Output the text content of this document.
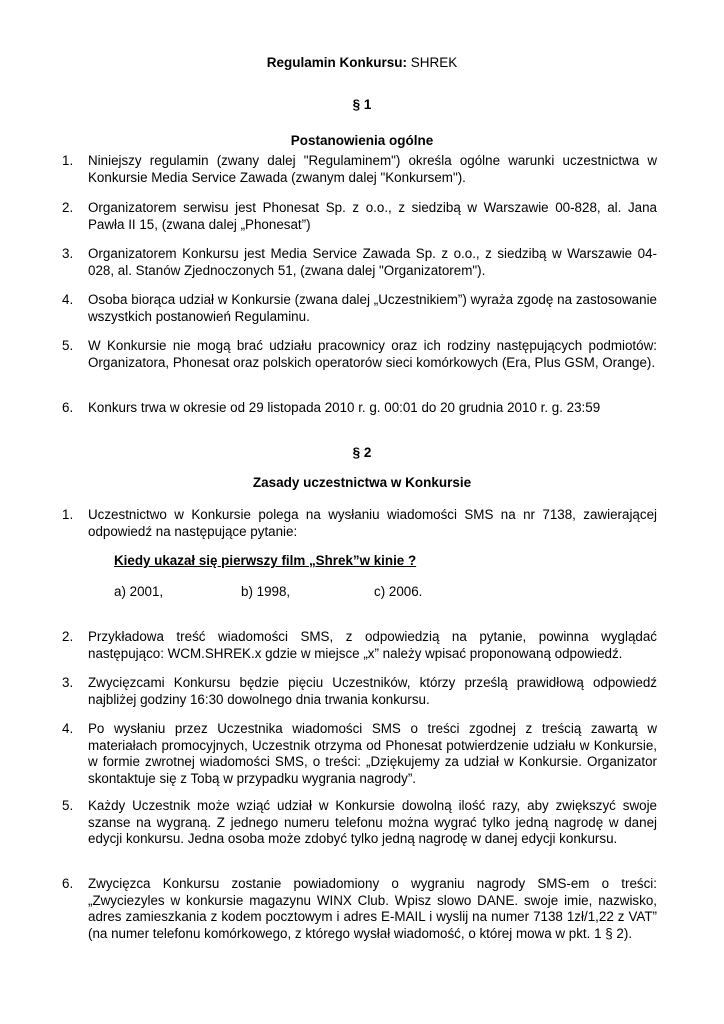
Regulamin Konkursu: SHREK
§ 1
Postanowienia ogólne
1. Niniejszy regulamin (zwany dalej "Regulaminem") określa ogólne warunki uczestnictwa w Konkursie Media Service Zawada (zwanym dalej "Konkursem").
2. Organizatorem serwisu jest Phonesat Sp. z o.o., z siedzibą w Warszawie 00-828, al. Jana Pawła II 15, (zwana dalej „Phonesat”)
3. Organizatorem Konkursu jest Media Service Zawada Sp. z o.o., z siedzibą w Warszawie 04-028, al. Stanów Zjednoczonych 51, (zwana dalej "Organizatorem").
4. Osoba biorąca udział w Konkursie (zwana dalej „Uczestnikiem”) wyraża zgodę na zastosowanie wszystkich postanowień Regulaminu.
5. W Konkursie nie mogą brać udziału pracownicy oraz ich rodziny następujących podmiotów: Organizatora, Phonesat oraz polskich operatorów sieci komórkowych (Era, Plus GSM, Orange).
6. Konkurs trwa w okresie od 29 listopada 2010 r. g. 00:01 do 20 grudnia 2010 r. g. 23:59
§ 2
Zasady uczestnictwa w Konkursie
1. Uczestnictwo w Konkursie polega na wysłaniu wiadomości SMS na nr 7138, zawierającej odpowiedź na następujące pytanie:
Kiedy ukazał się pierwszy film „Shrek”w kinie ?
a) 2001,	b) 1998,	c) 2006.
2. Przykładowa treść wiadomości SMS, z odpowiedzią na pytanie, powinna wyglądać następująco: WCM.SHREK.x gdzie w miejsce „x” należy wpisać proponowaną odpowiedź.
3. Zwycięzcami Konkursu będzie pięciu Uczestników, którzy prześlą prawidłową odpowiedź najbliżej godziny 16:30 dowolnego dnia trwania konkursu.
4. Po wysłaniu przez Uczestnika wiadomości SMS o treści zgodnej z treścią zawartą w materiałach promocyjnych, Uczestnik otrzyma od Phonesat potwierdzenie udziału w Konkursie, w formie zwrotnej wiadomości SMS, o treści: „Dziękujemy za udział w Konkursie. Organizator skontaktuje się z Tobą w przypadku wygrania nagrody”.
5. Każdy Uczestnik może wziąć udział w Konkursie dowolną ilość razy, aby zwiększyć swoje szanse na wygraną. Z jednego numeru telefonu można wygrać tylko jedną nagrodę w danej edycji konkursu. Jedna osoba może zdobyć tylko jedną nagrodę w danej edycji konkursu.
6. Zwycięzca Konkursu zostanie powiadomiony o wygraniu nagrody SMS-em o treści: „Zwyciezyles w konkursie magazynu WINX Club. Wpisz slowo DANE. swoje imie, nazwisko, adres zamieszkania z kodem pocztowym i adres E-MAIL i wyslij na numer 7138 1zł/1,22 z VAT” (na numer telefonu komórkowego, z którego wysłał wiadomość, o której mowa w pkt. 1 § 2).
